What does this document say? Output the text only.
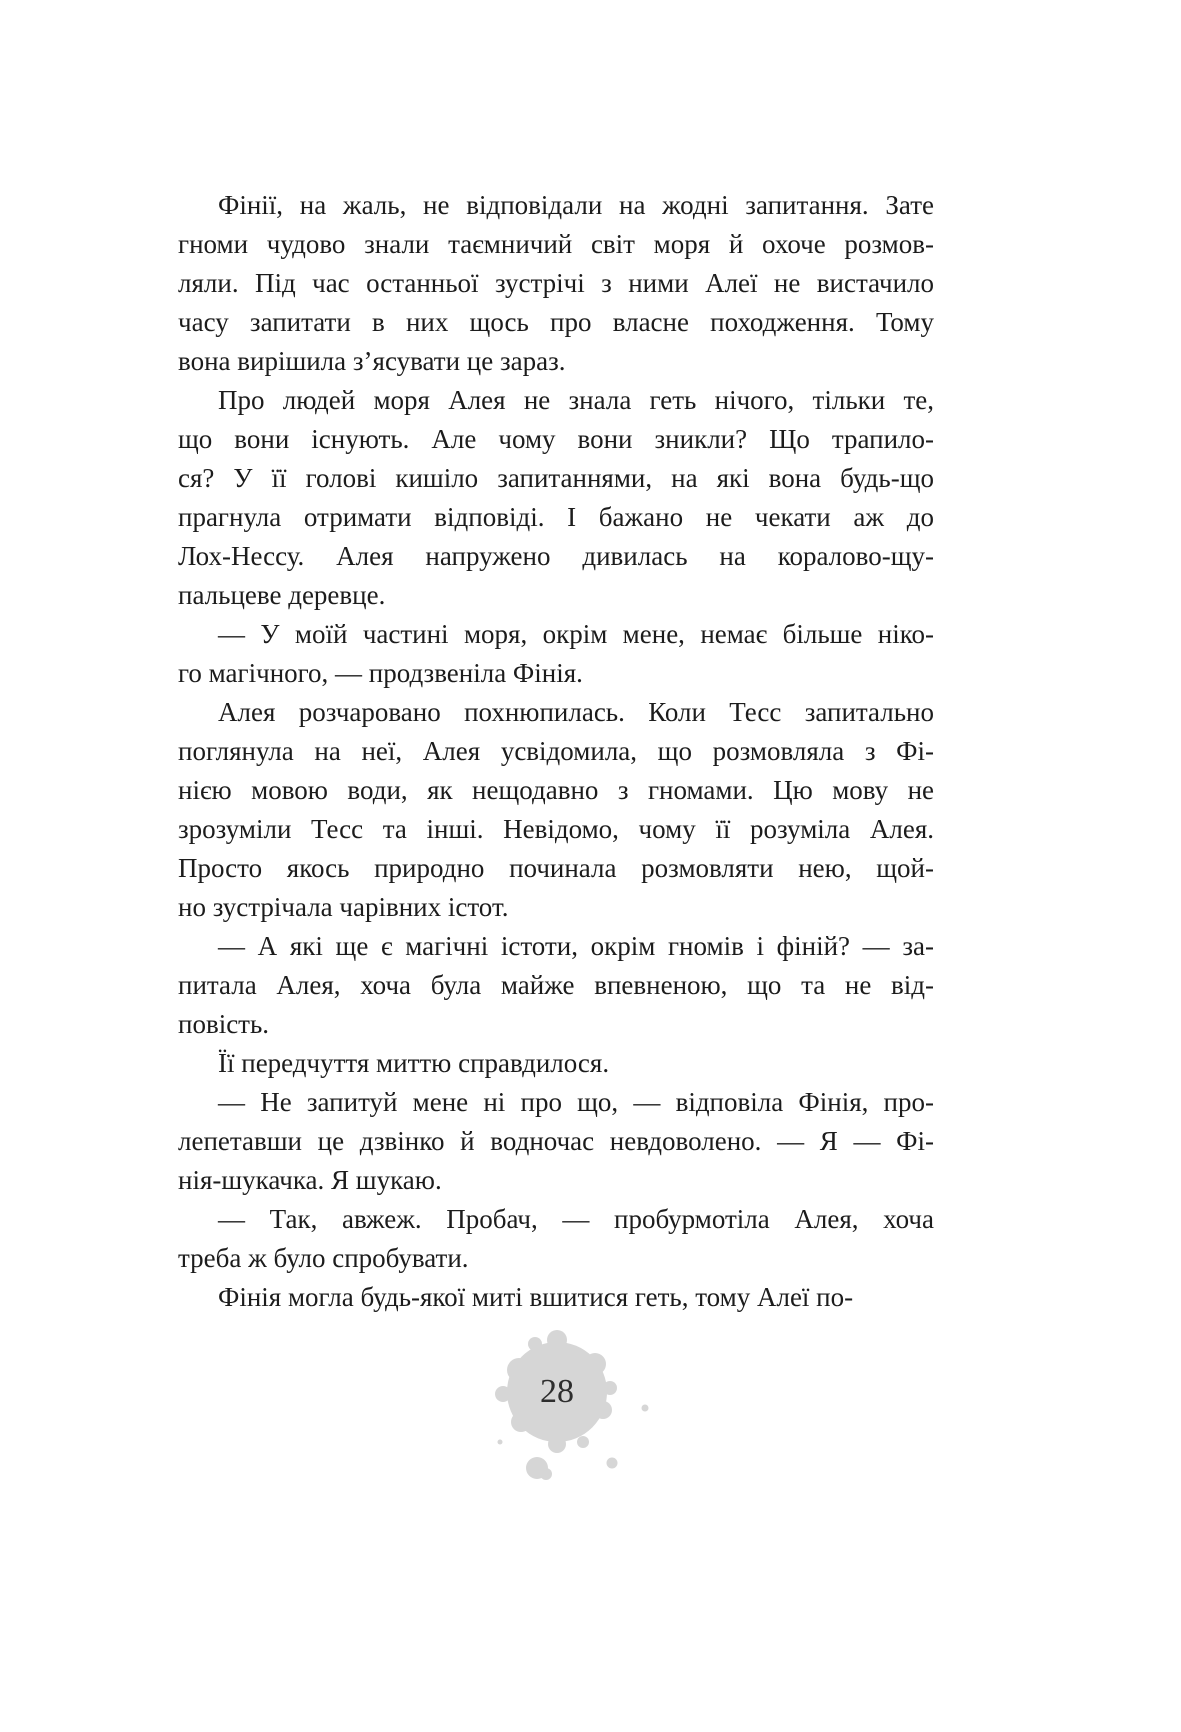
Фінії, на жаль, не відповідали на жодні запитання. Зате
гноми чудово знали таємничий світ моря й охоче розмов-
ляли. Під час останньої зустрічі з ними Алеї не вистачило
часу запитати в них щось про власне походження. Тому
вона вирішила з’ясувати це зараз.
Про людей моря Алея не знала геть нічого, тільки те,
що вони існують. Але чому вони зникли? Що трапило-
ся? У її голові кишіло запитаннями, на які вона будь-що
прагнула отримати відповіді. І бажано не чекати аж до
Лох-Нессу. Алея напружено дивилась на коралово-щу-
пальцеве деревце.
— У моїй частині моря, окрім мене, немає більше ніко-
го магічного, — продзвеніла Фінія.
Алея розчаровано похнюпилась. Коли Тесс запитально
поглянула на неї, Алея усвідомила, що розмовляла з Фі-
нією мовою води, як нещодавно з гномами. Цю мову не
зрозуміли Тесс та інші. Невідомо, чому її розуміла Алея.
Просто якось природно починала розмовляти нею, щой-
но зустрічала чарівних істот.
— А які ще є магічні істоти, окрім гномів і фіній? — за-
питала Алея, хоча була майже впевненою, що та не від-
повість.
Її передчуття миттю справдилося.
— Не запитуй мене ні про що, — відповіла Фінія, про-
лепетавши це дзвінко й водночас невдоволено. — Я — Фі-
нія-шукачка. Я шукаю.
— Так, авжеж. Пробач, — пробурмотіла Алея, хоча
треба ж було спробувати.
Фінія могла будь-якої миті вшитися геть, тому Алеї по-
28
